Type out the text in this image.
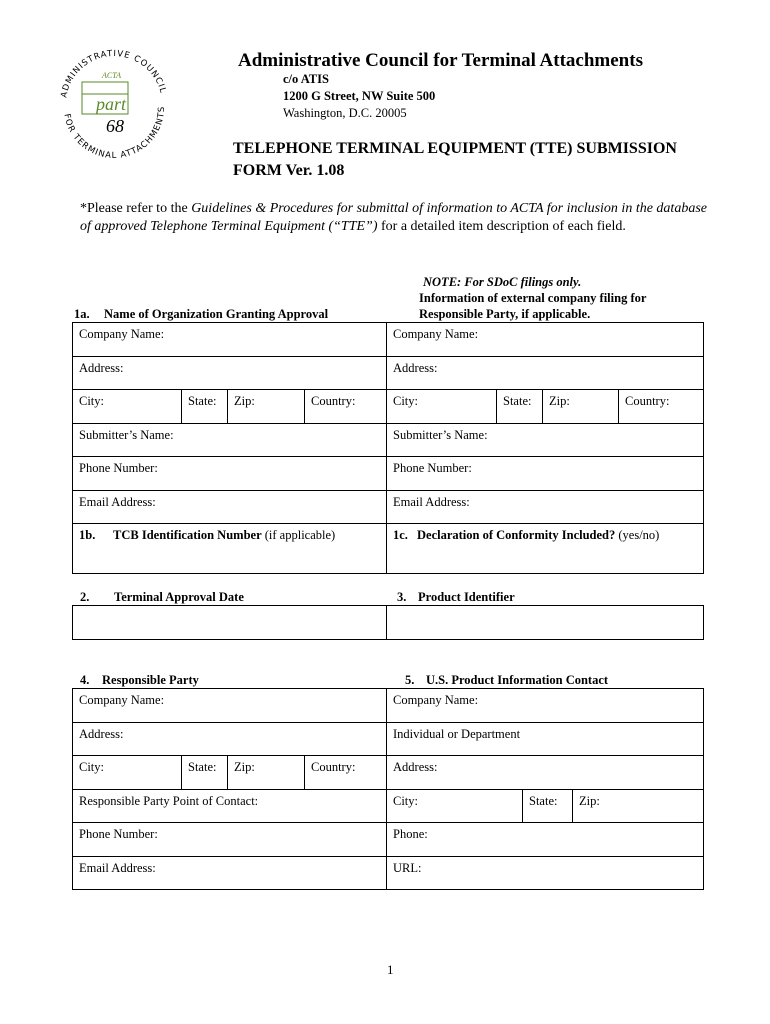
ADMINISTRATIVE COUNCIL
FOR TERMINAL ATTACHMENTS
ACTA
part
68
Administrative Council for Terminal Attachments
c/o ATIS
1200 G Street, NW Suite 500
Washington, D.C. 20005
TELEPHONE TERMINAL EQUIPMENT (TTE) SUBMISSION
FORM Ver. 1.08
*Please refer to the Guidelines & Procedures for submittal of information to ACTA for inclusion in the database of approved Telephone Terminal Equipment (“TTE”) for a detailed item description of each field.
NOTE: For SDoC filings only.
Information of external company filing for
Responsible Party, if applicable.
1a. Name of Organization Granting Approval
Company Name:				Company Name:			
Address:				Address:			
City:	State:	Zip:	Country:	City:	State:	Zip:	Country:
Submitter’s Name:				Submitter’s Name:			
Phone Number:				Phone Number:			
Email Address:				Email Address:			
1b. TCB Identification Number (if applicable)				1c. Declaration of Conformity Included? (yes/no)			
2. Terminal Approval Date	3. Product Identifier

4. Responsible Party	5. U.S. Product Information Contact
Company Name:				Company Name:		
Address:				Individual or Department		
City:	State:	Zip:	Country:	Address:		
Responsible Party Point of Contact:				City:	State:	Zip:
Phone Number:				Phone:		
Email Address:				URL:		
1
